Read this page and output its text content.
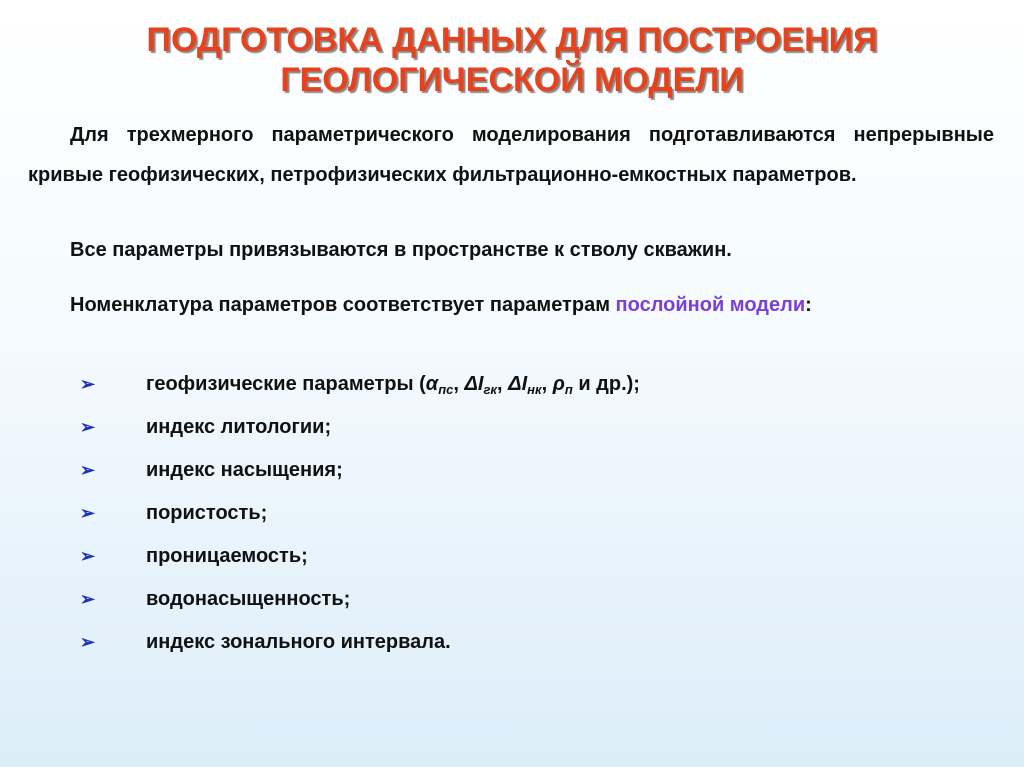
ПОДГОТОВКА ДАННЫХ ДЛЯ ПОСТРОЕНИЯ
ГЕОЛОГИЧЕСКОЙ МОДЕЛИ

Для трехмерного параметрического моделирования подготавливаются непрерывные кривые геофизических, петрофизических фильтрационно-емкостных параметров.

Все параметры привязываются в пространстве к стволу скважин.

Номенклатура параметров соответствует параметрам послойной модели:

➢	геофизические параметры ($\alpha_{пс}$, $\Delta I_{гк}$, $\Delta I_{нк}$, $\rho_п$ и др.);
➢	индекс литологии;
➢	индекс насыщения;
➢	пористость;
➢	проницаемость;
➢	водонасыщенность;
➢	индекс зонального интервала.
